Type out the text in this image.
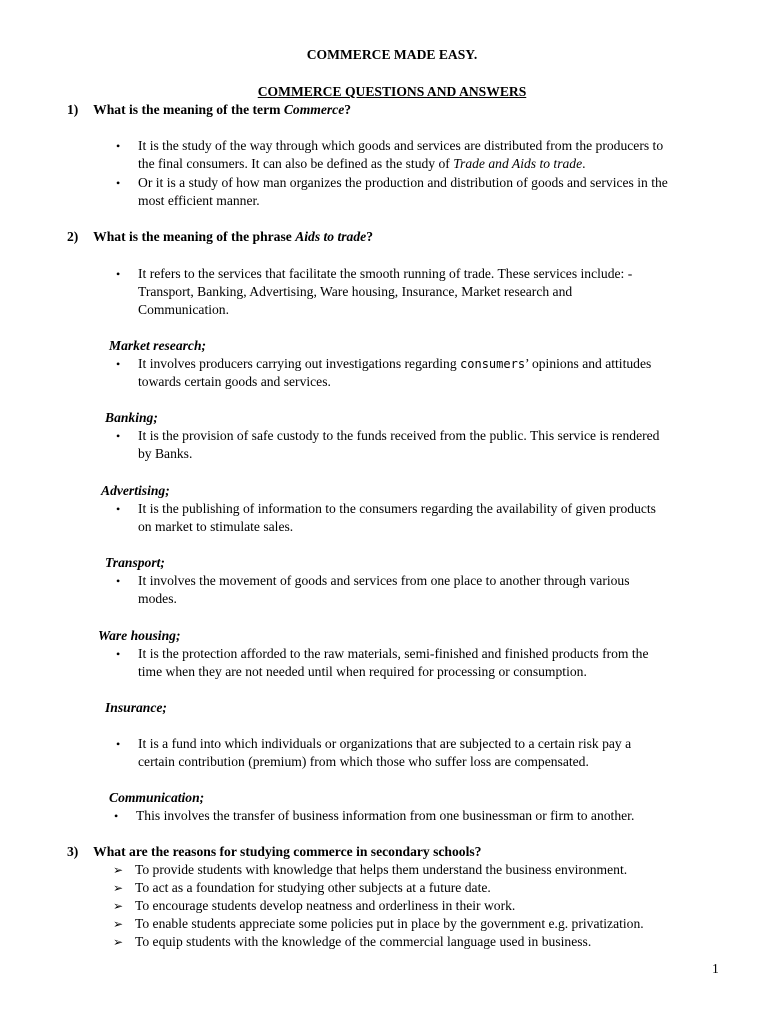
COMMERCE MADE EASY.
COMMERCE QUESTIONS AND ANSWERS
1) What is the meaning of the term Commerce?
• It is the study of the way through which goods and services are distributed from the producers to
the final consumers. It can also be defined as the study of Trade and Aids to trade.
• Or it is a study of how man organizes the production and distribution of goods and services in the
most efficient manner.
2) What is the meaning of the phrase Aids to trade?
• It refers to the services that facilitate the smooth running of trade. These services include: -
Transport, Banking, Advertising, Ware housing, Insurance, Market research and
Communication.
Market research;
• It involves producers carrying out investigations regarding consumers’ opinions and attitudes
towards certain goods and services.
Banking;
• It is the provision of safe custody to the funds received from the public. This service is rendered
by Banks.
Advertising;
• It is the publishing of information to the consumers regarding the availability of given products
on market to stimulate sales.
Transport;
• It involves the movement of goods and services from one place to another through various
modes.
Ware housing;
• It is the protection afforded to the raw materials, semi-finished and finished products from the
time when they are not needed until when required for processing or consumption.
Insurance;
• It is a fund into which individuals or organizations that are subjected to a certain risk pay a
certain contribution (premium) from which those who suffer loss are compensated.
Communication;
• This involves the transfer of business information from one businessman or firm to another.
3) What are the reasons for studying commerce in secondary schools?
➢ To provide students with knowledge that helps them understand the business environment.
➢ To act as a foundation for studying other subjects at a future date.
➢ To encourage students develop neatness and orderliness in their work.
➢ To enable students appreciate some policies put in place by the government e.g. privatization.
➢ To equip students with the knowledge of the commercial language used in business.
1
